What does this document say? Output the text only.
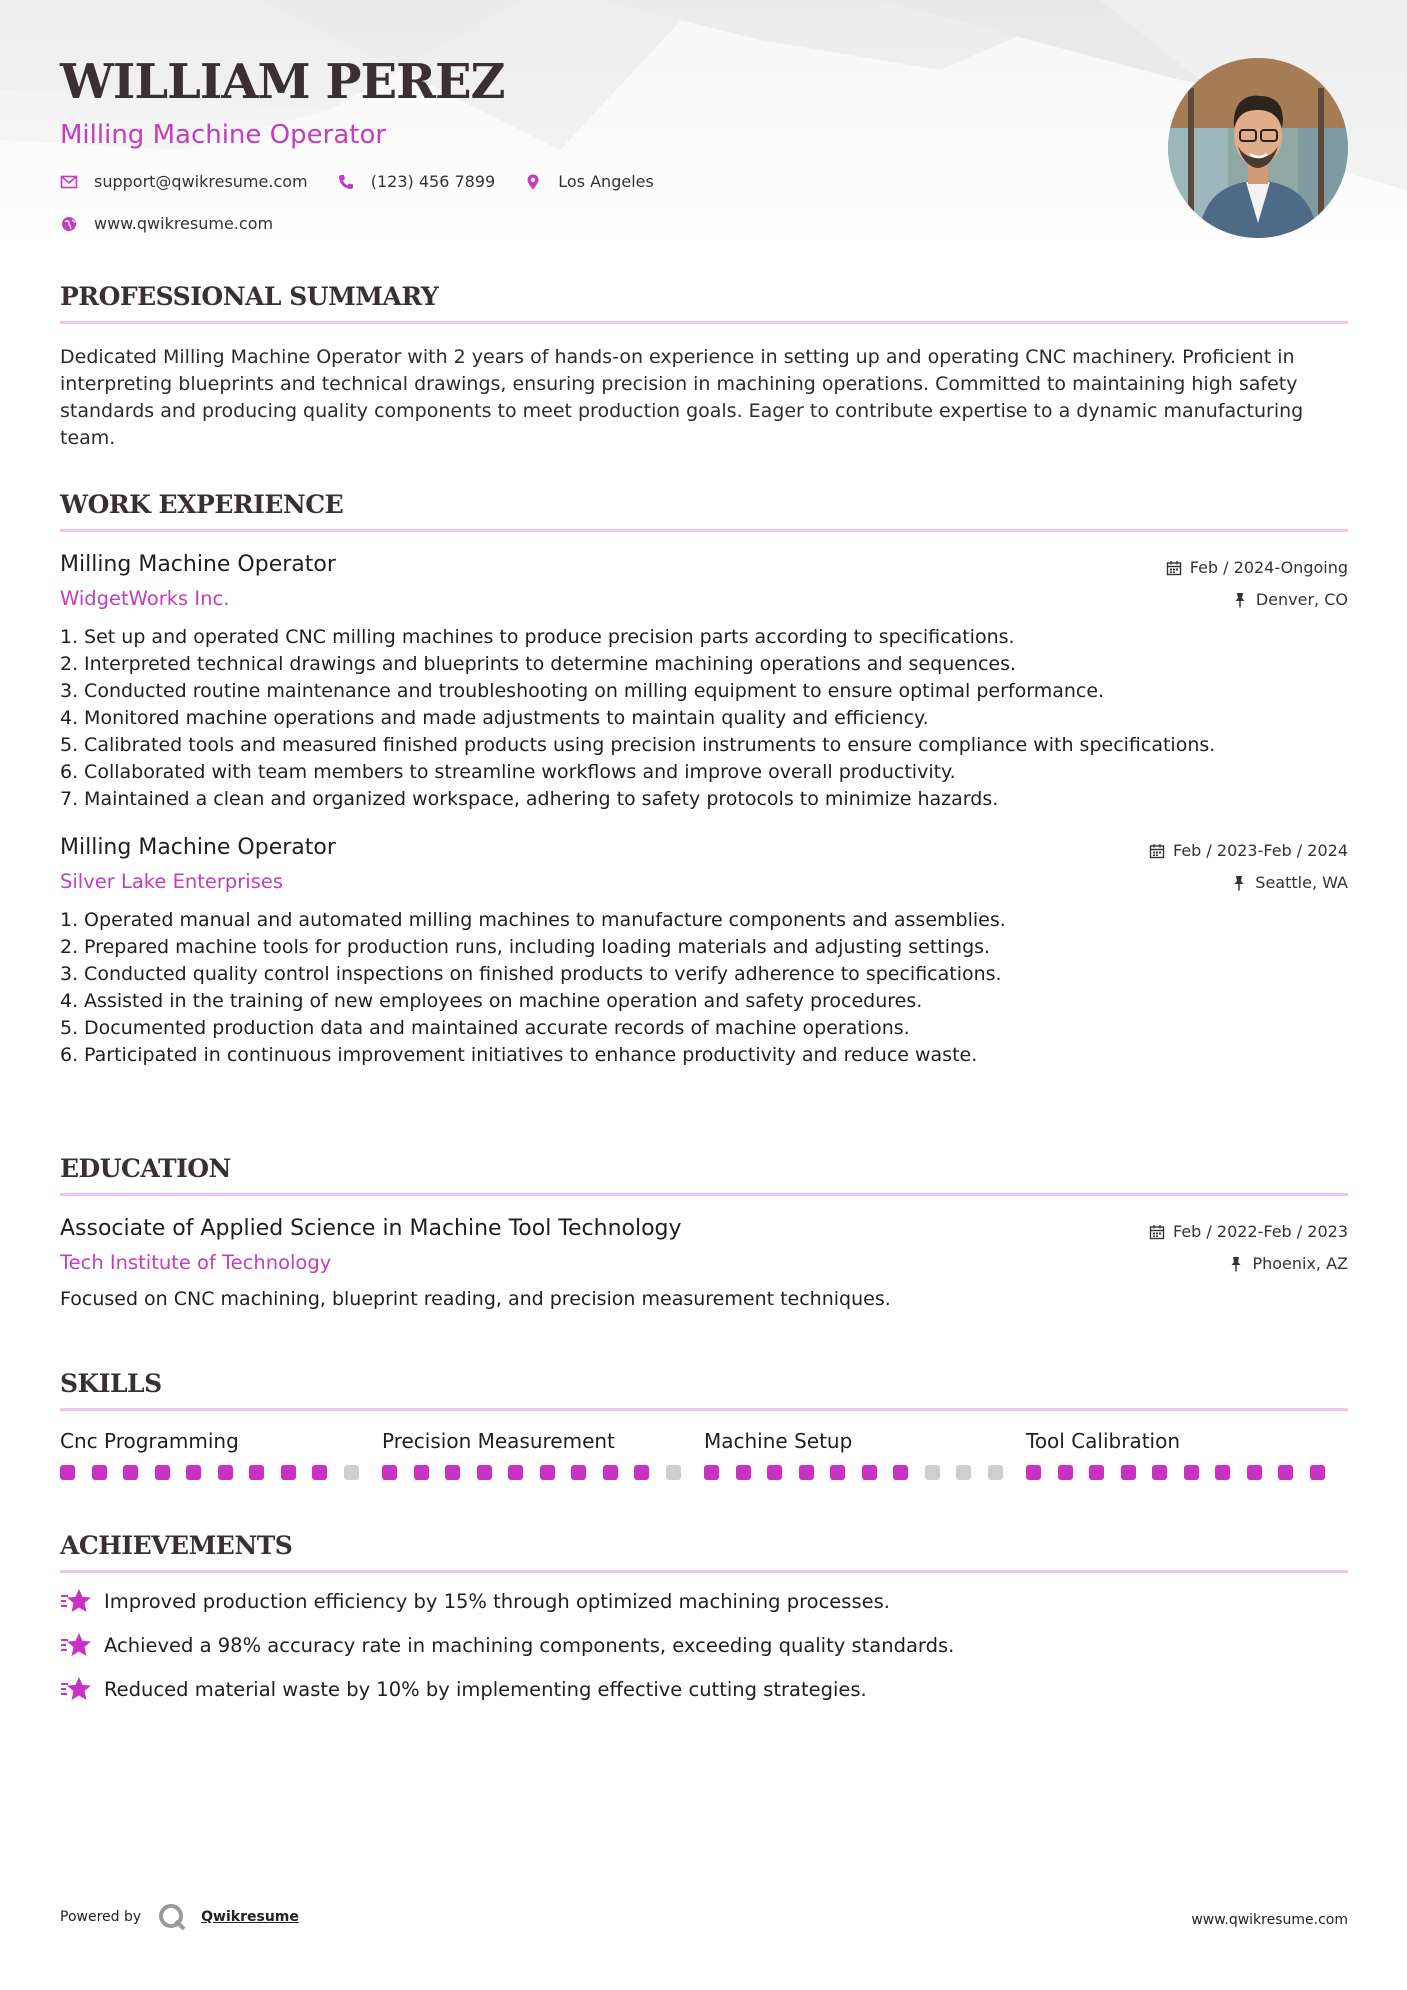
WILLIAM PEREZ
Milling Machine Operator
support@qwikresume.com
	(123) 456 7899
	Los Angeles
www.qwikresume.com
PROFESSIONAL SUMMARY
Dedicated Milling Machine Operator with 2 years of hands-on experience in setting up and operating CNC machinery. Proficient in interpreting blueprints and technical drawings, ensuring precision in machining operations. Committed to maintaining high safety standards and producing quality components to meet production goals. Eager to contribute expertise to a dynamic manufacturing team.
WORK EXPERIENCE
Milling Machine Operator
WidgetWorks Inc.
Feb / 2024-Ongoing
Denver, CO
1. Set up and operated CNC milling machines to produce precision parts according to specifications.
2. Interpreted technical drawings and blueprints to determine machining operations and sequences.
3. Conducted routine maintenance and troubleshooting on milling equipment to ensure optimal performance.
4. Monitored machine operations and made adjustments to maintain quality and efficiency.
5. Calibrated tools and measured finished products using precision instruments to ensure compliance with specifications.
6. Collaborated with team members to streamline workflows and improve overall productivity.
7. Maintained a clean and organized workspace, adhering to safety protocols to minimize hazards.
Milling Machine Operator
Silver Lake Enterprises
Feb / 2023-Feb / 2024
Seattle, WA
1. Operated manual and automated milling machines to manufacture components and assemblies.
2. Prepared machine tools for production runs, including loading materials and adjusting settings.
3. Conducted quality control inspections on finished products to verify adherence to specifications.
4. Assisted in the training of new employees on machine operation and safety procedures.
5. Documented production data and maintained accurate records of machine operations.
6. Participated in continuous improvement initiatives to enhance productivity and reduce waste.
EDUCATION
Associate of Applied Science in Machine Tool Technology
Tech Institute of Technology
Feb / 2022-Feb / 2023
Phoenix, AZ
Focused on CNC machining, blueprint reading, and precision measurement techniques.
SKILLS
Cnc Programming	Precision Measurement	Machine Setup	Tool Calibration
ACHIEVEMENTS
Improved production efficiency by 15% through optimized machining processes.
Achieved a 98% accuracy rate in machining components, exceeding quality standards.
Reduced material waste by 10% by implementing effective cutting strategies.
Powered by	Qwikresume	www.qwikresume.com
